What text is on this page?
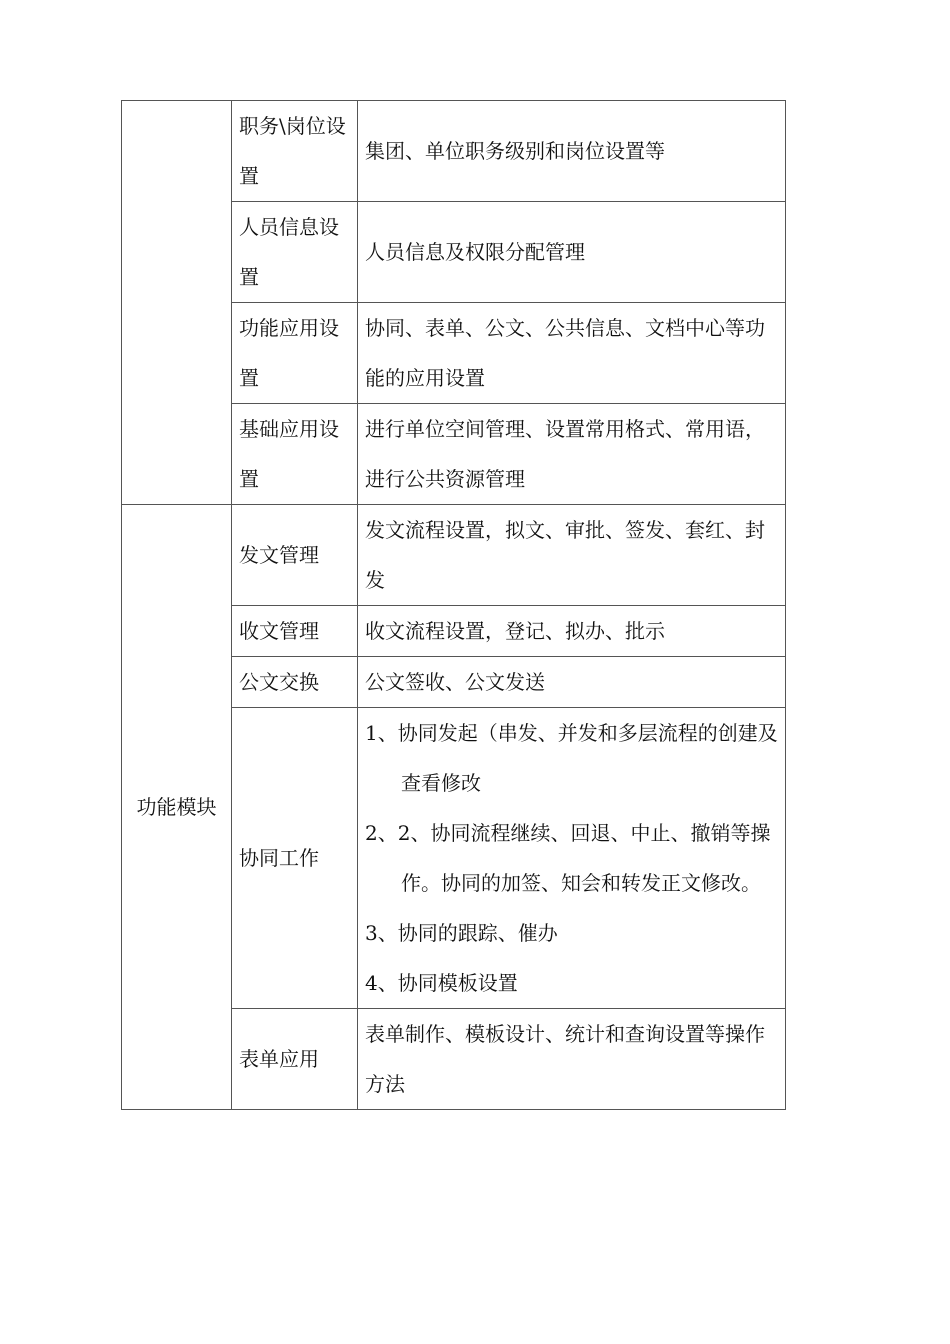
	职务\岗位设置	集团、单位职务级别和岗位设置等
	人员信息设置	人员信息及权限分配管理
	功能应用设置	协同、表单、公文、公共信息、文档中心等功能的应用设置
	基础应用设置	进行单位空间管理、设置常用格式、常用语，进行公共资源管理
功能模块	发文管理	发文流程设置，拟文、审批、签发、套红、封发
	收文管理	收文流程设置，登记、拟办、批示
	公文交换	公文签收、公文发送
	协同工作	1、协同发起（串发、并发和多层流程的创建及查看修改
2、2、协同流程继续、回退、中止、撤销等操作。协同的加签、知会和转发正文修改。
3、协同的跟踪、催办
4、协同模板设置

	表单应用	表单制作、模板设计、统计和查询设置等操作方法
